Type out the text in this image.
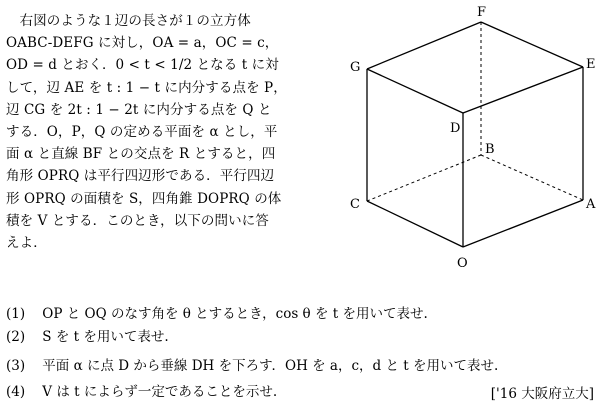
　右図のような１辺の長さが１の立方体
OABC-DEFG に対し，OA = a，OC = c，
OD = d とおく．0 < t < 1/2 となる t に対
して，辺 AE を t : 1 − t に内分する点を P，
辺 CG を 2t : 1 − 2t に内分する点を Q と
する．O，P，Q の定める平面を α とし，平
面 α と直線 BF との交点を R とすると，四
角形 OPRQ は平行四辺形である．平行四辺
形 OPRQ の面積を S，四角錐 DOPRQ の体
積を V とする．このとき，以下の問いに答
えよ．
F
G	E
D
B
C	A
O
(1) OP と OQ のなす角を θ とするとき，cos θ を t を用いて表せ.
(2) S を t を用いて表せ.
(3) 平面 α に点 D から垂線 DH を下ろす．OH を a，c，d と t を用いて表せ.
(4) V は t によらず一定であることを示せ.	['16 大阪府立大]
